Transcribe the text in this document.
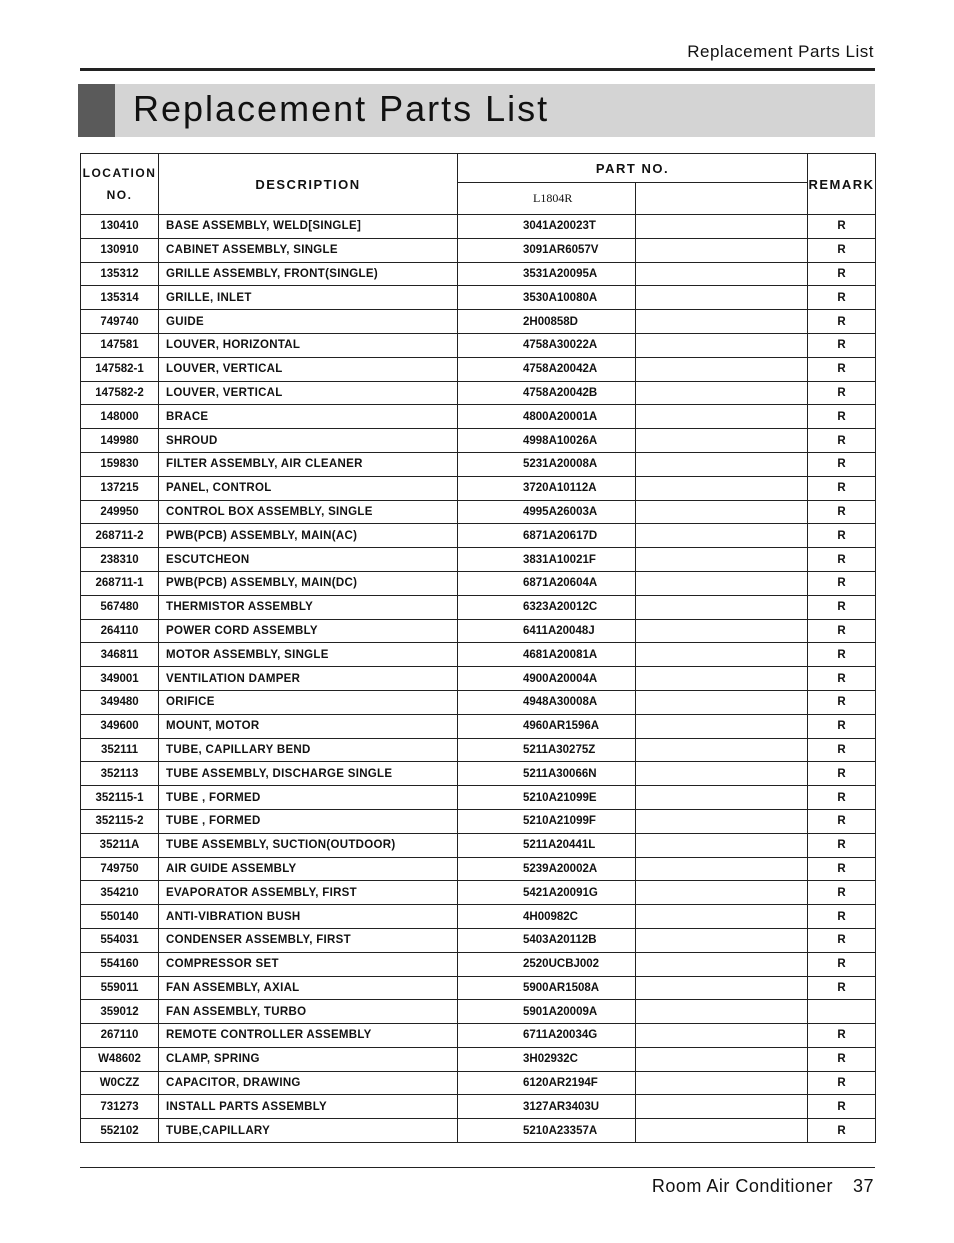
Replacement Parts List
Replacement Parts List
LOCATION NO.	DESCRIPTION	PART NO.		REMARK
		L1804R		
130410	BASE ASSEMBLY, WELD[SINGLE]	3041A20023T		R
130910	CABINET ASSEMBLY, SINGLE	3091AR6057V		R
135312	GRILLE ASSEMBLY, FRONT(SINGLE)	3531A20095A		R
135314	GRILLE, INLET	3530A10080A		R
749740	GUIDE	2H00858D		R
147581	LOUVER, HORIZONTAL	4758A30022A		R
147582-1	LOUVER, VERTICAL	4758A20042A		R
147582-2	LOUVER, VERTICAL	4758A20042B		R
148000	BRACE	4800A20001A		R
149980	SHROUD	4998A10026A		R
159830	FILTER ASSEMBLY, AIR CLEANER	5231A20008A		R
137215	PANEL, CONTROL	3720A10112A		R
249950	CONTROL BOX ASSEMBLY, SINGLE	4995A26003A		R
268711-2	PWB(PCB) ASSEMBLY, MAIN(AC)	6871A20617D		R
238310	ESCUTCHEON	3831A10021F		R
268711-1	PWB(PCB) ASSEMBLY, MAIN(DC)	6871A20604A		R
567480	THERMISTOR ASSEMBLY	6323A20012C		R
264110	POWER CORD ASSEMBLY	6411A20048J		R
346811	MOTOR ASSEMBLY, SINGLE	4681A20081A		R
349001	VENTILATION DAMPER	4900A20004A		R
349480	ORIFICE	4948A30008A		R
349600	MOUNT, MOTOR	4960AR1596A		R
352111	TUBE, CAPILLARY BEND	5211A30275Z		R
352113	TUBE ASSEMBLY, DISCHARGE SINGLE	5211A30066N		R
352115-1	TUBE , FORMED	5210A21099E		R
352115-2	TUBE , FORMED	5210A21099F		R
35211A	TUBE ASSEMBLY, SUCTION(OUTDOOR)	5211A20441L		R
749750	AIR GUIDE ASSEMBLY	5239A20002A		R
354210	EVAPORATOR ASSEMBLY, FIRST	5421A20091G		R
550140	ANTI-VIBRATION BUSH	4H00982C		R
554031	CONDENSER ASSEMBLY, FIRST	5403A20112B		R
554160	COMPRESSOR SET	2520UCBJ002		R
559011	FAN ASSEMBLY, AXIAL	5900AR1508A		R
359012	FAN ASSEMBLY, TURBO	5901A20009A		
267110	REMOTE CONTROLLER ASSEMBLY	6711A20034G		R
W48602	CLAMP, SPRING	3H02932C		R
W0CZZ	CAPACITOR, DRAWING	6120AR2194F		R
731273	INSTALL PARTS ASSEMBLY	3127AR3403U		R
552102	TUBE,CAPILLARY	5210A23357A		R
Room Air Conditioner 37
